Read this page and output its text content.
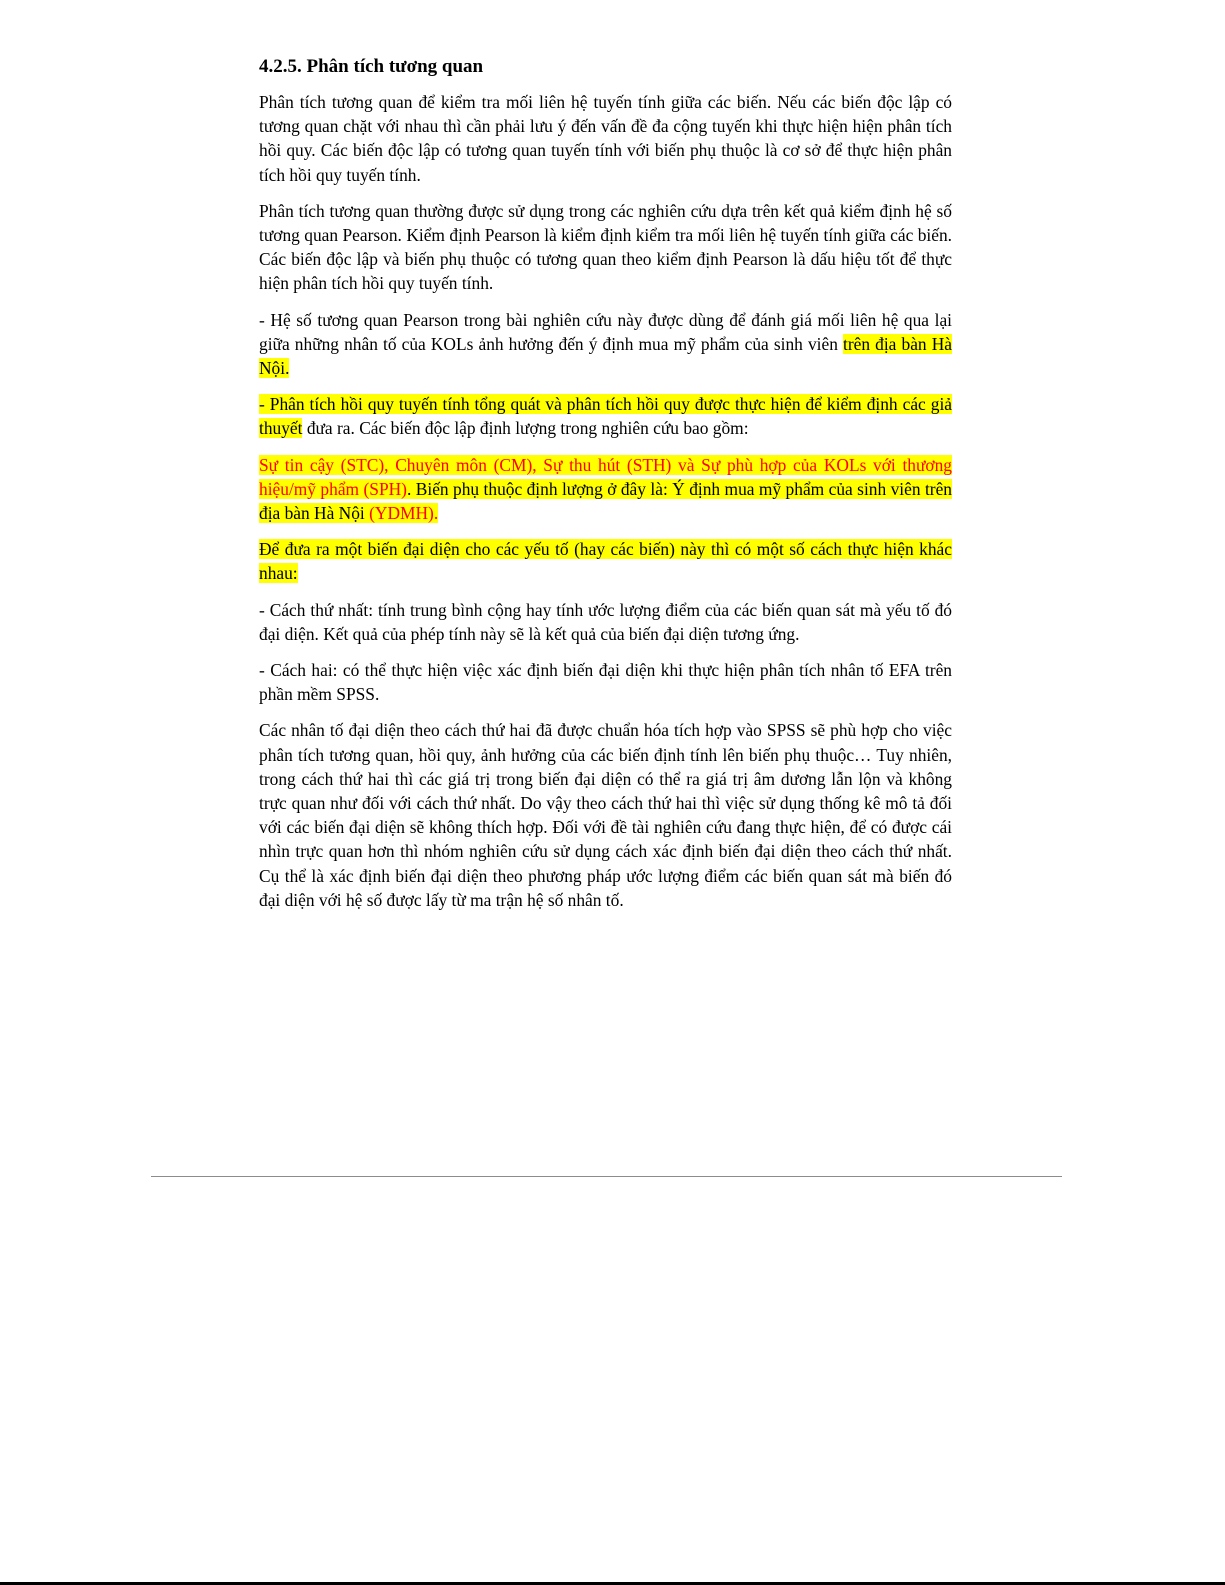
4.2.5. Phân tích tương quan
Phân tích tương quan để kiểm tra mối liên hệ tuyến tính giữa các biến. Nếu các biến độc lập có tương quan chặt với nhau thì cần phải lưu ý đến vấn đề đa cộng tuyến khi thực hiện hiện phân tích hồi quy. Các biến độc lập có tương quan tuyến tính với biến phụ thuộc là cơ sở để thực hiện phân tích hồi quy tuyến tính.
Phân tích tương quan thường được sử dụng trong các nghiên cứu dựa trên kết quả kiểm định hệ số tương quan Pearson. Kiểm định Pearson là kiểm định kiểm tra mối liên hệ tuyến tính giữa các biến. Các biến độc lập và biến phụ thuộc có tương quan theo kiểm định Pearson là dấu hiệu tốt để thực hiện phân tích hồi quy tuyến tính.
- Hệ số tương quan Pearson trong bài nghiên cứu này được dùng để đánh giá mối liên hệ qua lại giữa những nhân tố của KOLs ảnh hưởng đến ý định mua mỹ phẩm của sinh viên trên địa bàn Hà Nội.
- Phân tích hồi quy tuyến tính tổng quát và phân tích hồi quy được thực hiện để kiểm định các giả thuyết đưa ra. Các biến độc lập định lượng trong nghiên cứu bao gồm:
Sự tin cậy (STC), Chuyên môn (CM), Sự thu hút (STH) và Sự phù hợp của KOLs với thương hiệu/mỹ phẩm (SPH). Biến phụ thuộc định lượng ở đây là: Ý định mua mỹ phẩm của sinh viên trên địa bàn Hà Nội (YDMH).
Để đưa ra một biến đại diện cho các yếu tố (hay các biến) này thì có một số cách thực hiện khác nhau:
- Cách thứ nhất: tính trung bình cộng hay tính ước lượng điểm của các biến quan sát mà yếu tố đó đại diện. Kết quả của phép tính này sẽ là kết quả của biến đại diện tương ứng.
- Cách hai: có thể thực hiện việc xác định biến đại diện khi thực hiện phân tích nhân tố EFA trên phần mềm SPSS.
Các nhân tố đại diện theo cách thứ hai đã được chuẩn hóa tích hợp vào SPSS sẽ phù hợp cho việc phân tích tương quan, hồi quy, ảnh hưởng của các biến định tính lên biến phụ thuộc… Tuy nhiên, trong cách thứ hai thì các giá trị trong biến đại diện có thể ra giá trị âm dương lẫn lộn và không trực quan như đối với cách thứ nhất. Do vậy theo cách thứ hai thì việc sử dụng thống kê mô tả đối với các biến đại diện sẽ không thích hợp. Đối với đề tài nghiên cứu đang thực hiện, để có được cái nhìn trực quan hơn thì nhóm nghiên cứu sử dụng cách xác định biến đại diện theo cách thứ nhất. Cụ thể là xác định biến đại diện theo phương pháp ước lượng điểm các biến quan sát mà biến đó đại diện với hệ số được lấy từ ma trận hệ số nhân tố.
